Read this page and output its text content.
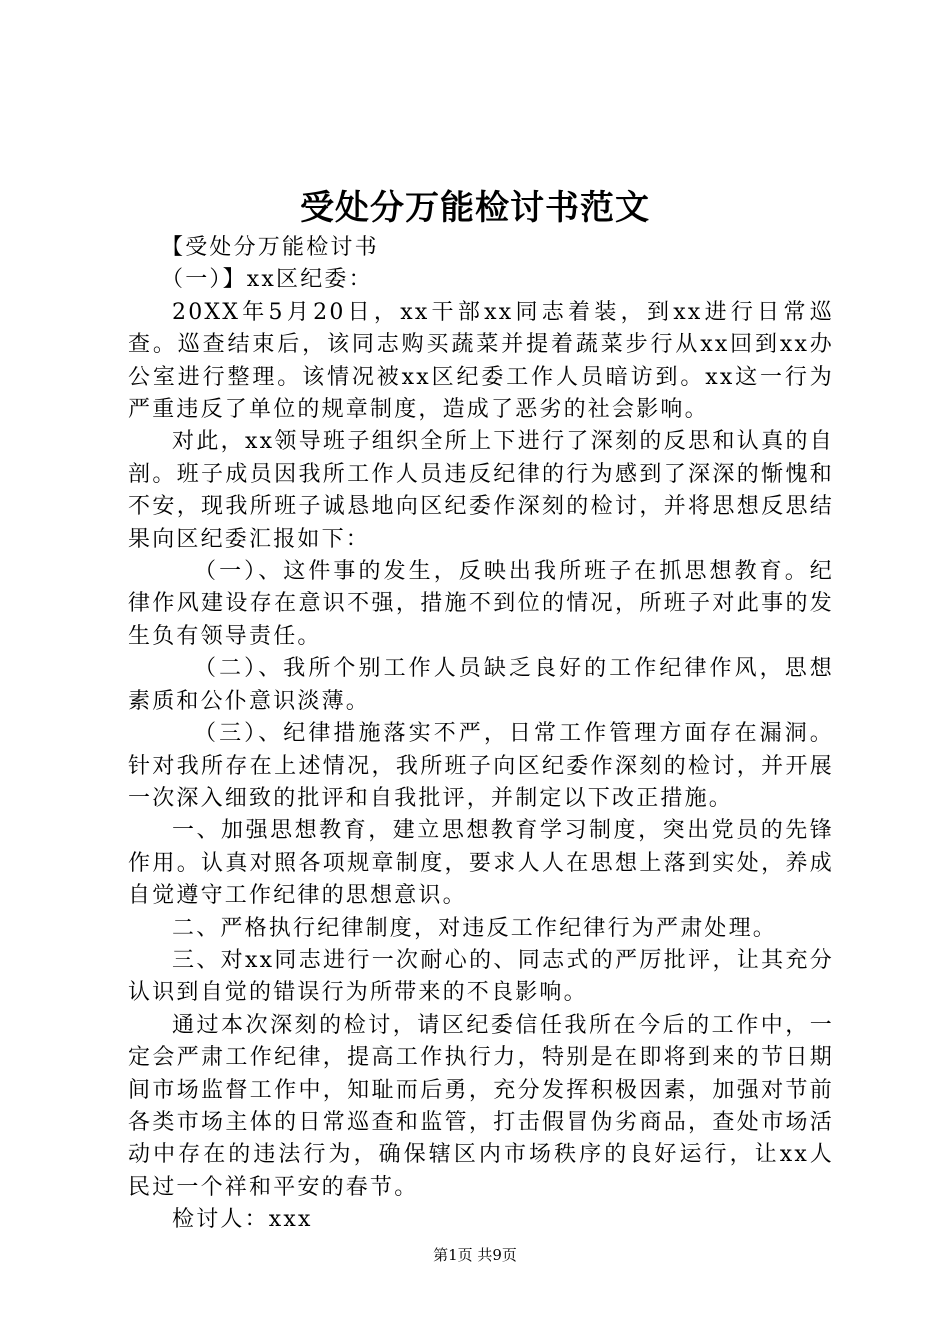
受处分万能检讨书范文

【受处分万能检讨书

（一）】xx区纪委：

20XX年5月20日，xx干部xx同志着装，到xx进行日常巡查。巡查结束后，该同志购买蔬菜并提着蔬菜步行从xx回到xx办公室进行整理。该情况被xx区纪委工作人员暗访到。xx这一行为严重违反了单位的规章制度，造成了恶劣的社会影响。

对此，xx领导班子组织全所上下进行了深刻的反思和认真的自剖。班子成员因我所工作人员违反纪律的行为感到了深深的惭愧和不安，现我所班子诚恳地向区纪委作深刻的检讨，并将思想反思结果向区纪委汇报如下：

（一）、这件事的发生，反映出我所班子在抓思想教育。纪律作风建设存在意识不强，措施不到位的情况，所班子对此事的发生负有领导责任。

（二）、我所个别工作人员缺乏良好的工作纪律作风，思想素质和公仆意识淡薄。

（三）、纪律措施落实不严，日常工作管理方面存在漏洞。针对我所存在上述情况，我所班子向区纪委作深刻的检讨，并开展一次深入细致的批评和自我批评，并制定以下改正措施。

一、加强思想教育，建立思想教育学习制度，突出党员的先锋作用。认真对照各项规章制度，要求人人在思想上落到实处，养成自觉遵守工作纪律的思想意识。

二、严格执行纪律制度，对违反工作纪律行为严肃处理。

三、对xx同志进行一次耐心的、同志式的严厉批评，让其充分认识到自觉的错误行为所带来的不良影响。

通过本次深刻的检讨，请区纪委信任我所在今后的工作中，一定会严肃工作纪律，提高工作执行力，特别是在即将到来的节日期间市场监督工作中，知耻而后勇，充分发挥积极因素，加强对节前各类市场主体的日常巡查和监管，打击假冒伪劣商品，查处市场活动中存在的违法行为，确保辖区内市场秩序的良好运行，让xx人民过一个祥和平安的春节。

检讨人：xxx

第1页 共9页
